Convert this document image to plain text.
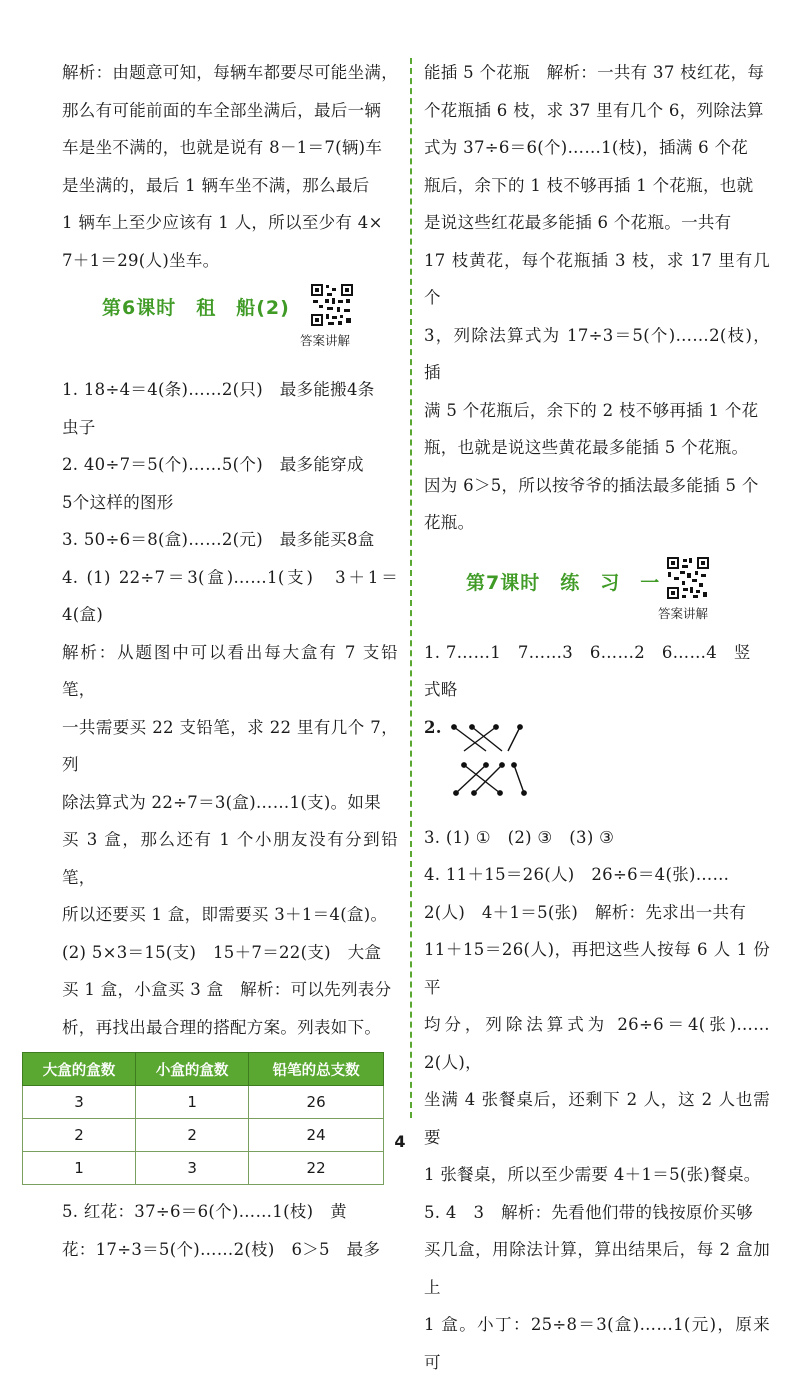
解析：由题意可知，每辆车都要尽可能坐满，

那么有可能前面的车全部坐满后，最后一辆

车是坐不满的，也就是说有 8－1＝7(辆)车

是坐满的，最后 1 辆车坐不满，那么最后

1 辆车上至少应该有 1 人，所以至少有 4×

7＋1＝29(人)坐车。

第6课时　租　船(2)
答案讲解

1. 18÷4＝4(条)……2(只)　最多能搬4条

虫子

2. 40÷7＝5(个)……5(个)　最多能穿成

5个这样的图形

3. 50÷6＝8(盒)……2(元)　最多能买8盒

4. (1) 22÷7＝3(盒)……1(支)　3＋1＝4(盒)

解析：从题图中可以看出每大盒有 7 支铅笔，

一共需要买 22 支铅笔，求 22 里有几个 7，列

除法算式为 22÷7＝3(盒)……1(支)。如果

买 3 盒，那么还有 1 个小朋友没有分到铅笔，

所以还要买 1 盒，即需要买 3＋1＝4(盒)。

(2) 5×3＝15(支)　15＋7＝22(支)　大盒

买 1 盒，小盒买 3 盒　解析：可以先列表分

析，再找出最合理的搭配方案。列表如下。

大盒的盒数	小盒的盒数	铅笔的总支数
3	1	26
2	2	24
1	3	22

5. 红花：37÷6＝6(个)……1(枝)　黄

花：17÷3＝5(个)……2(枝)　6＞5　最多

能插 5 个花瓶　解析：一共有 37 枝红花，每

个花瓶插 6 枝，求 37 里有几个 6，列除法算

式为 37÷6＝6(个)……1(枝)，插满 6 个花

瓶后，余下的 1 枝不够再插 1 个花瓶，也就

是说这些红花最多能插 6 个花瓶。一共有

17 枝黄花，每个花瓶插 3 枝，求 17 里有几个

3，列除法算式为 17÷3＝5(个)……2(枝)，插

满 5 个花瓶后，余下的 2 枝不够再插 1 个花

瓶，也就是说这些黄花最多能插 5 个花瓶。

因为 6＞5，所以按爷爷的插法最多能插 5 个

花瓶。

第7课时　练　习　一
答案讲解

1. 7……1　7……3　6……2　6……4　竖

式略

2.

3. (1) ①　(2) ③　(3) ③

4. 11＋15＝26(人)　26÷6＝4(张)……

2(人)　4＋1＝5(张)　解析：先求出一共有

11＋15＝26(人)，再把这些人按每 6 人 1 份平

均分，列除法算式为 26÷6＝4(张)……2(人)，

坐满 4 张餐桌后，还剩下 2 人，这 2 人也需要

1 张餐桌，所以至少需要 4＋1＝5(张)餐桌。

5. 4　3　解析：先看他们带的钱按原价买够

买几盒，用除法计算，算出结果后，每 2 盒加上

1 盒。小丁：25÷8＝3(盒)……1(元)，原来可

4
